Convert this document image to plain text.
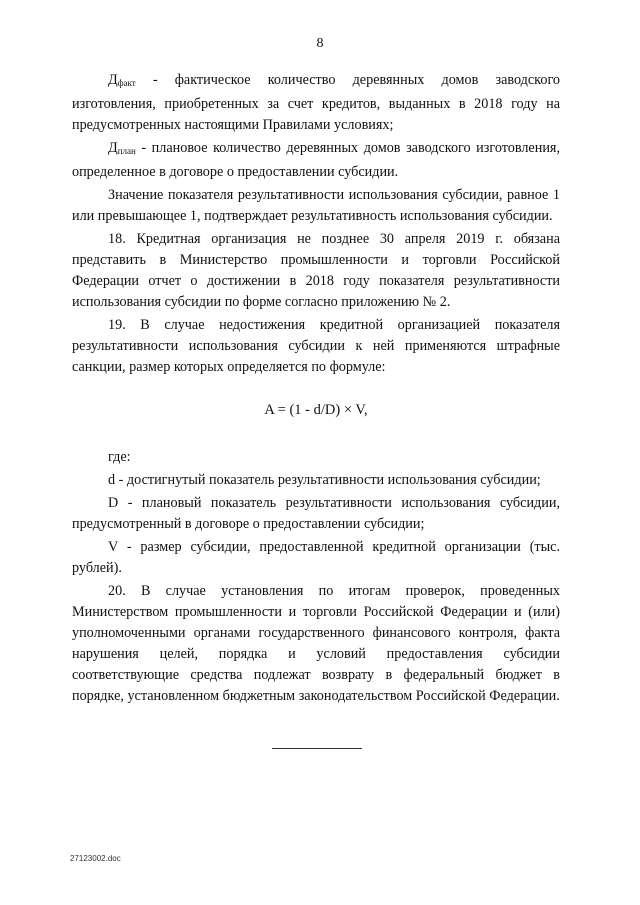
8

$Д_{факт}$ - фактическое количество деревянных домов заводского изготовления, приобретенных за счет кредитов, выданных в 2018 году на предусмотренных настоящими Правилами условиях;

$Д_{план}$ - плановое количество деревянных домов заводского изготовления, определенное в договоре о предоставлении субсидии.

Значение показателя результативности использования субсидии, равное 1 или превышающее 1, подтверждает результативность использования субсидии.

18. Кредитная организация не позднее 30 апреля 2019 г. обязана представить в Министерство промышленности и торговли Российской Федерации отчет о достижении в 2018 году показателя результативности использования субсидии по форме согласно приложению № 2.

19. В случае недостижения кредитной организацией показателя результативности использования субсидии к ней применяются штрафные санкции, размер которых определяется по формуле:

A = (1 - d/D) × V,

где:

d - достигнутый показатель результативности использования субсидии;

D - плановый показатель результативности использования субсидии, предусмотренный в договоре о предоставлении субсидии;

V - размер субсидии, предоставленной кредитной организации (тыс. рублей).

20. В случае установления по итогам проверок, проведенных Министерством промышленности и торговли Российской Федерации и (или) уполномоченными органами государственного финансового контроля, факта нарушения целей, порядка и условий предоставления субсидии соответствующие средства подлежат возврату в федеральный бюджет в порядке, установленном бюджетным законодательством Российской Федерации.

27123002.doc
